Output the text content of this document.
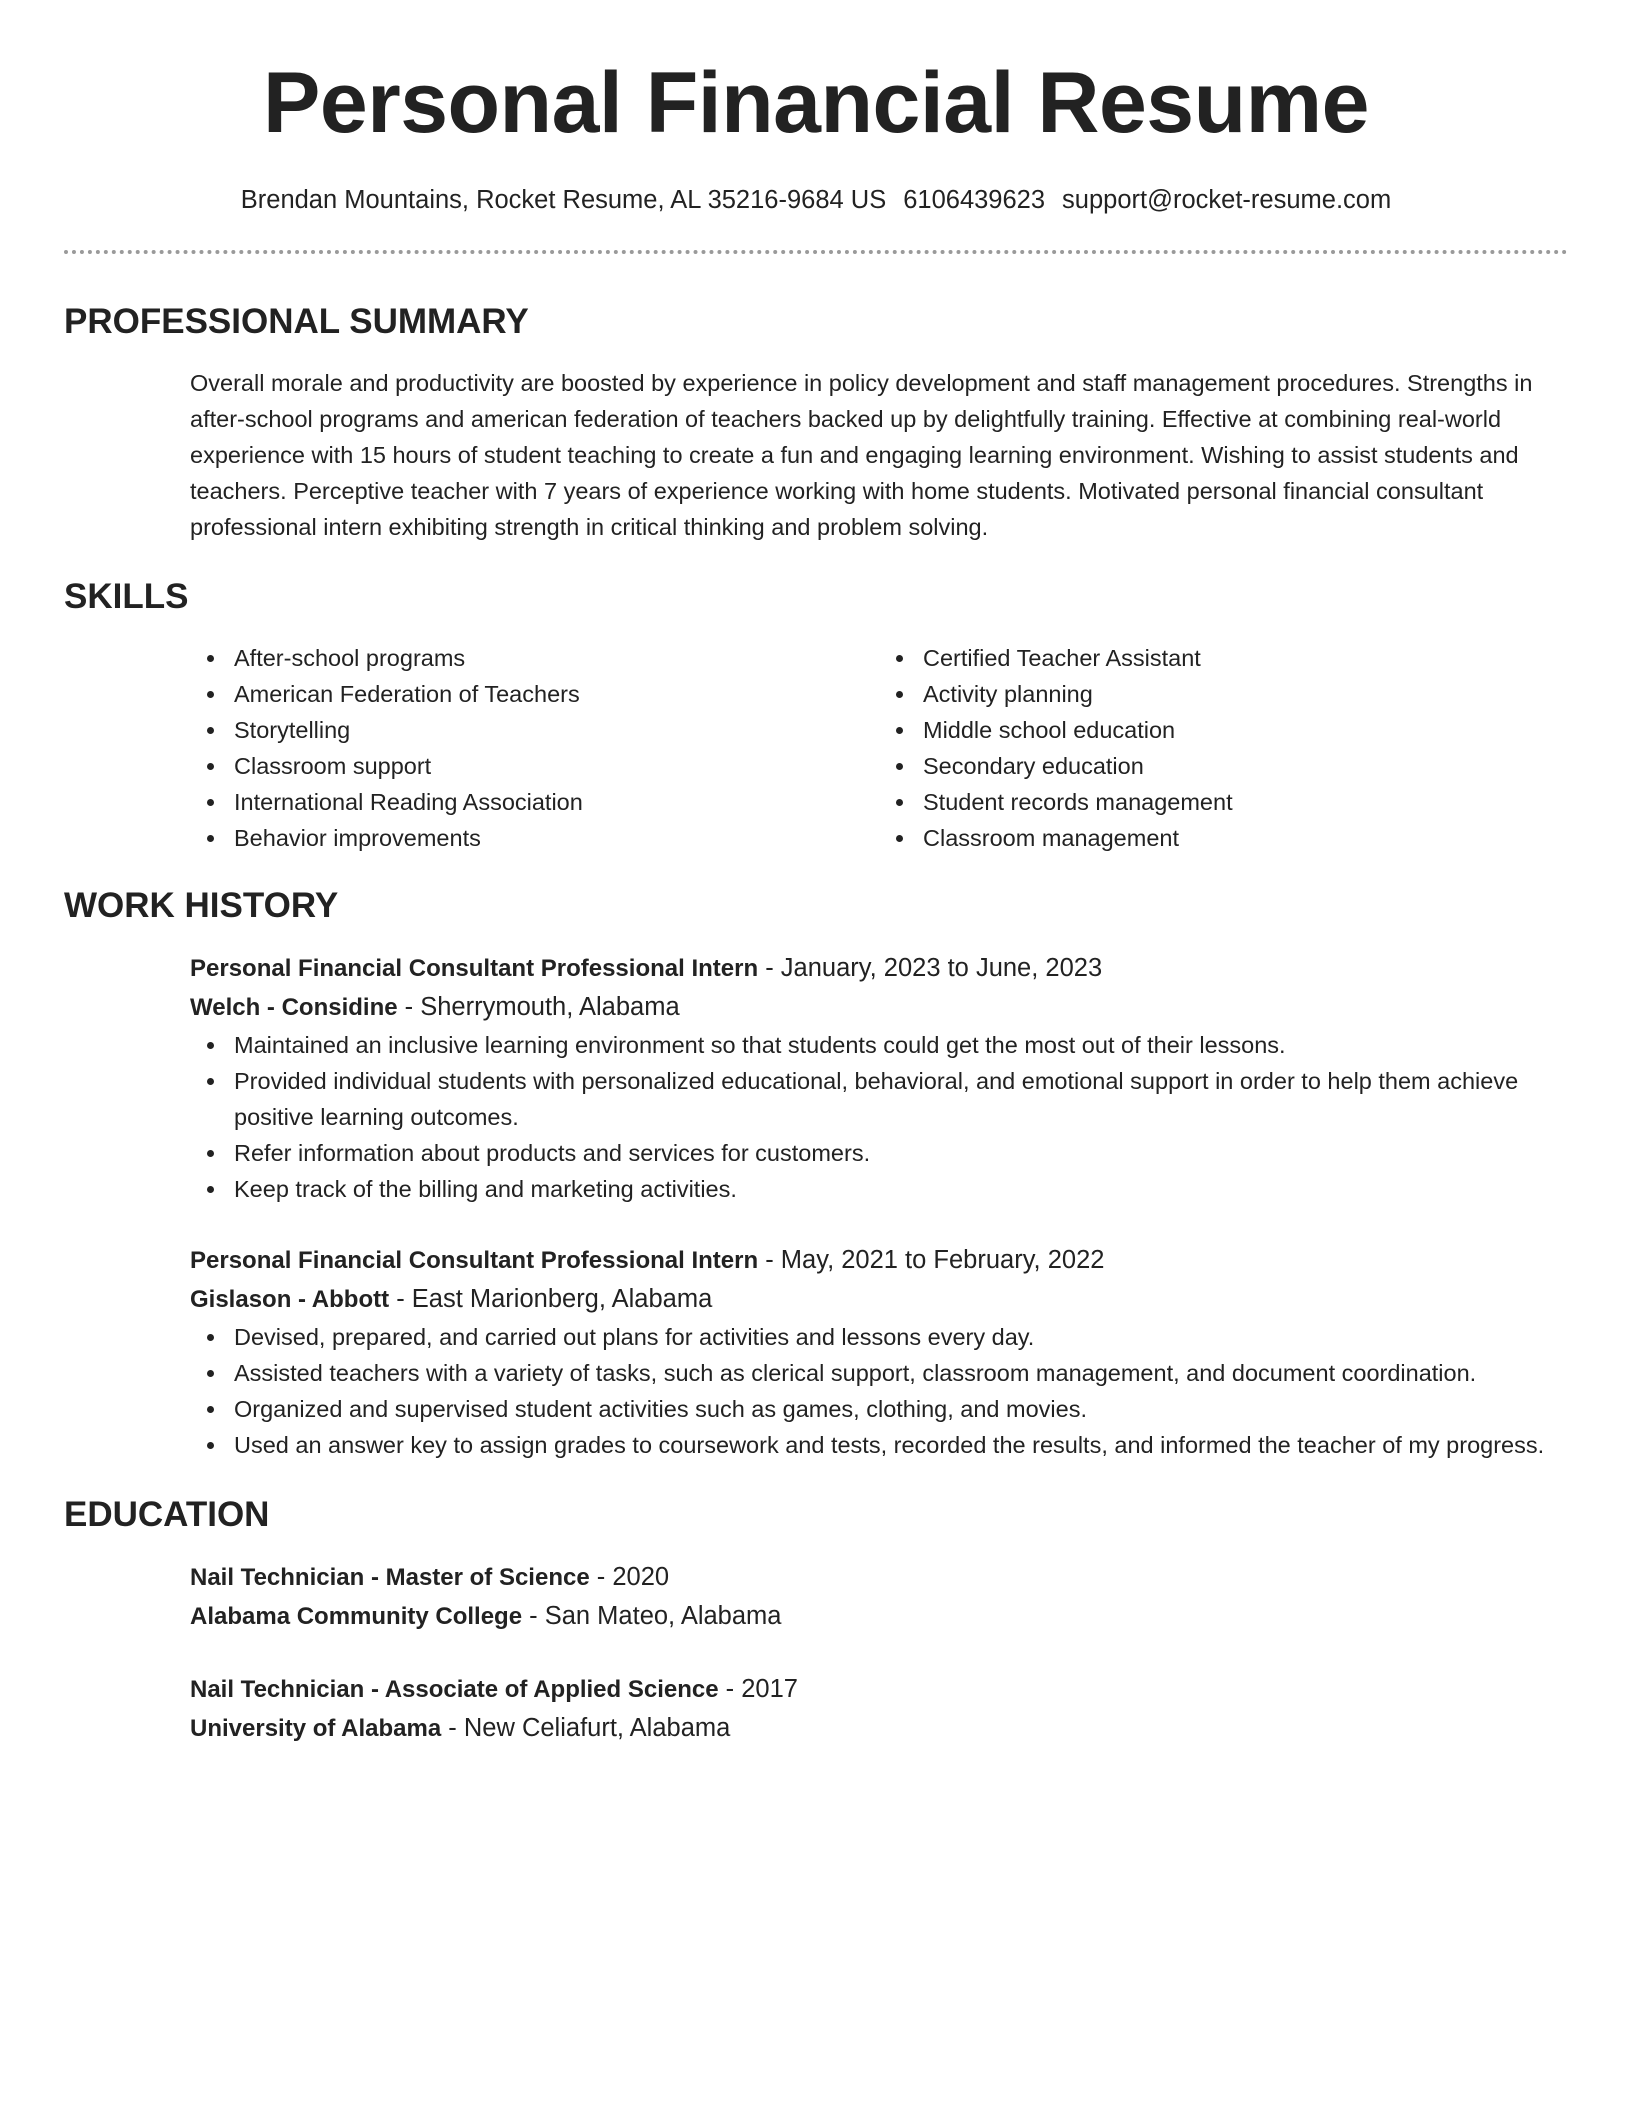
Personal Financial Resume
Brendan Mountains, Rocket Resume, AL 35216-9684 US 6106439623 support@rocket-resume.com
PROFESSIONAL SUMMARY
Overall morale and productivity are boosted by experience in policy development and staff management procedures. Strengths in after-school programs and american federation of teachers backed up by delightfully training. Effective at combining real-world experience with 15 hours of student teaching to create a fun and engaging learning environment. Wishing to assist students and teachers. Perceptive teacher with 7 years of experience working with home students. Motivated personal financial consultant professional intern exhibiting strength in critical thinking and problem solving.
SKILLS
After-school programs
American Federation of Teachers
Storytelling
Classroom support
International Reading Association
Behavior improvements
Certified Teacher Assistant
Activity planning
Middle school education
Secondary education
Student records management
Classroom management
WORK HISTORY
Personal Financial Consultant Professional Intern - January, 2023 to June, 2023
Welch - Considine - Sherrymouth, Alabama
Maintained an inclusive learning environment so that students could get the most out of their lessons.
Provided individual students with personalized educational, behavioral, and emotional support in order to help them achieve positive learning outcomes.
Refer information about products and services for customers.
Keep track of the billing and marketing activities.
Personal Financial Consultant Professional Intern - May, 2021 to February, 2022
Gislason - Abbott - East Marionberg, Alabama
Devised, prepared, and carried out plans for activities and lessons every day.
Assisted teachers with a variety of tasks, such as clerical support, classroom management, and document coordination.
Organized and supervised student activities such as games, clothing, and movies.
Used an answer key to assign grades to coursework and tests, recorded the results, and informed the teacher of my progress.
EDUCATION
Nail Technician - Master of Science - 2020
Alabama Community College - San Mateo, Alabama
Nail Technician - Associate of Applied Science - 2017
University of Alabama - New Celiafurt, Alabama
